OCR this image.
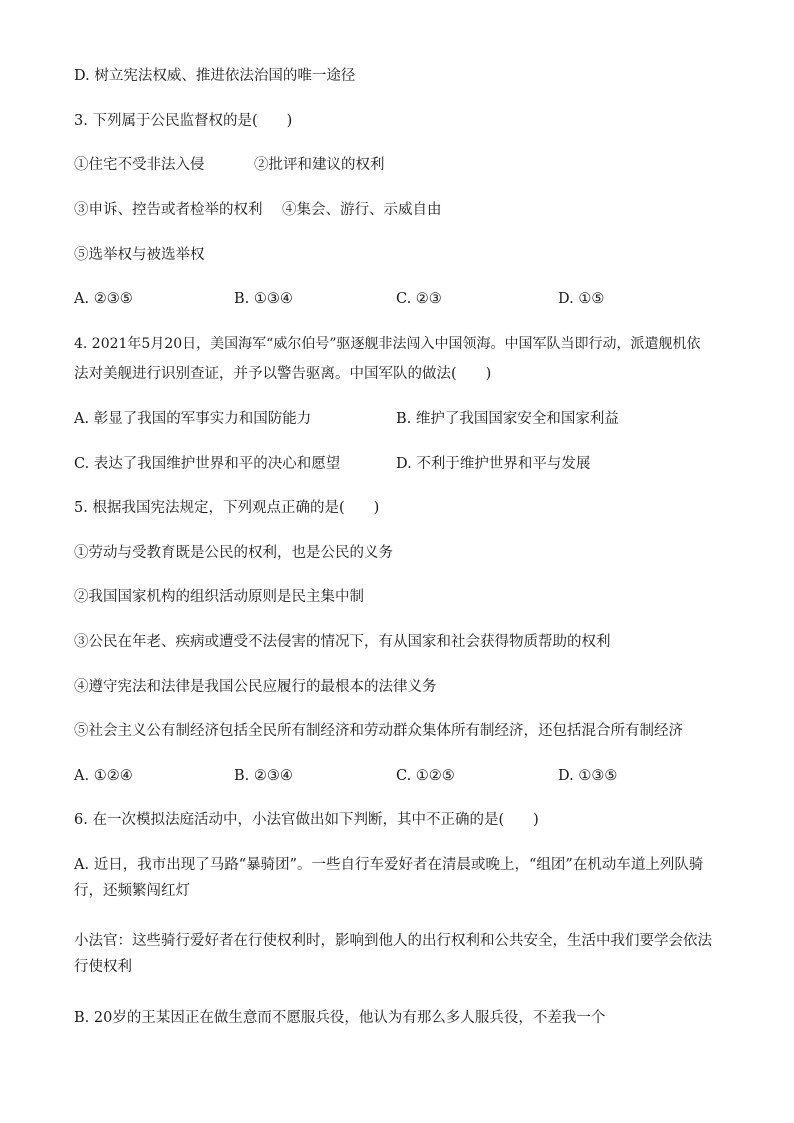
D. 树立宪法权威、推进依法治国的唯一途径
3. 下列属于公民监督权的是(　　)
①住宅不受非法入侵	②批评和建议的权利
③申诉、控告或者检举的权利 ④集会、游行、示威自由
⑤选举权与被选举权
A. ②③⑤	B. ①③④	C. ②③	D. ①⑤
4. 2021年5月20日，美国海军“威尔伯号”驱逐舰非法闯入中国领海。中国军队当即行动，派遣舰机依
法对美舰进行识别查证，并予以警告驱离。中国军队的做法(　　)
A. 彰显了我国的军事实力和国防能力	B. 维护了我国国家安全和国家利益
C. 表达了我国维护世界和平的决心和愿望	D. 不利于维护世界和平与发展
5. 根据我国宪法规定，下列观点正确的是(　　)
①劳动与受教育既是公民的权利，也是公民的义务
②我国国家机构的组织活动原则是民主集中制
③公民在年老、疾病或遭受不法侵害的情况下，有从国家和社会获得物质帮助的权利
④遵守宪法和法律是我国公民应履行的最根本的法律义务
⑤社会主义公有制经济包括全民所有制经济和劳动群众集体所有制经济，还包括混合所有制经济
A. ①②④	B. ②③④	C. ①②⑤	D. ①③⑤
6. 在一次模拟法庭活动中，小法官做出如下判断，其中不正确的是(　　)
A. 近日，我市出现了马路“暴骑团”。一些自行车爱好者在清晨或晚上，“组团”在机动车道上列队骑行，还频繁闯红灯
小法官：这些骑行爱好者在行使权利时，影响到他人的出行权利和公共安全，生活中我们要学会依法行使权利
B. 20岁的王某因正在做生意而不愿服兵役，他认为有那么多人服兵役，不差我一个
